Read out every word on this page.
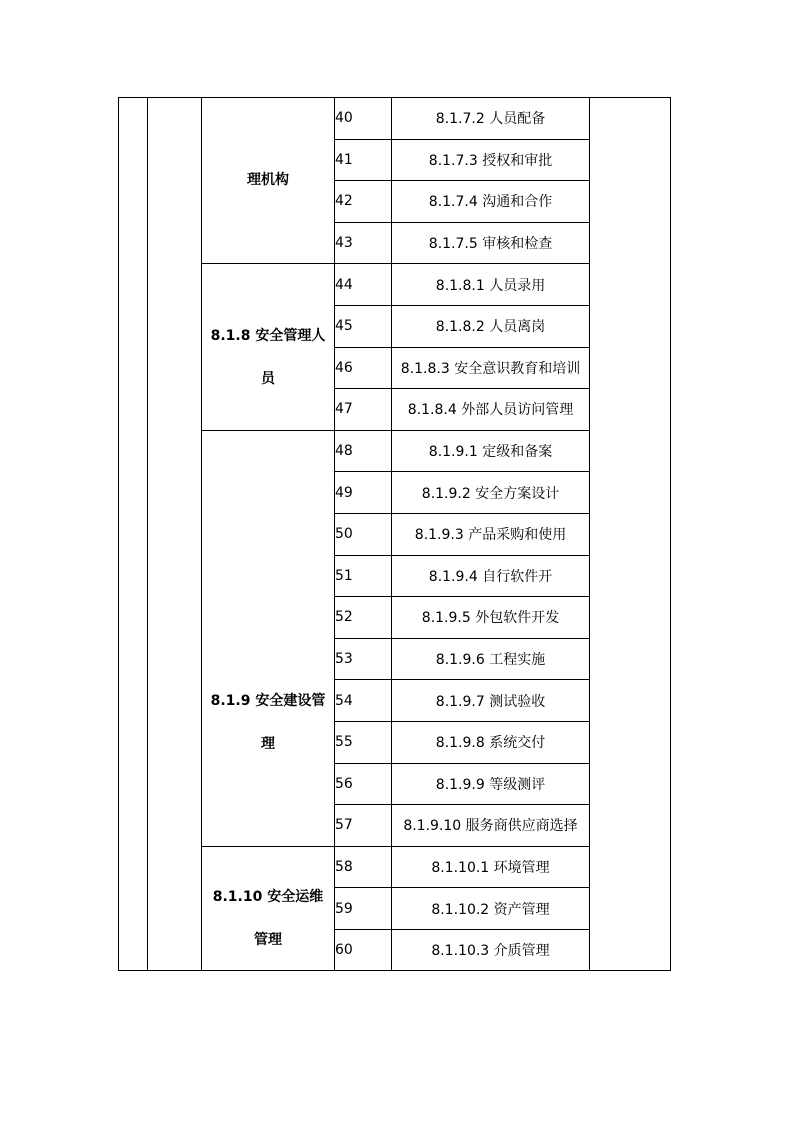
		理机构	40	8.1.7.2 人员配备	
			41	8.1.7.3 授权和审批	
			42	8.1.7.4 沟通和合作	
			43	8.1.7.5 审核和检查	

		8.1.8 安全管理人员	44	8.1.8.1 人员录用	
			45	8.1.8.2 人员离岗	
			46	8.1.8.3 安全意识教育和培训	
			47	8.1.8.4 外部人员访问管理	

		8.1.9 安全建设管理	48	8.1.9.1 定级和备案	
			49	8.1.9.2 安全方案设计	
			50	8.1.9.3 产品采购和使用	
			51	8.1.9.4 自行软件开	
			52	8.1.9.5 外包软件开发	
			53	8.1.9.6 工程实施	
			54	8.1.9.7 测试验收	
			55	8.1.9.8 系统交付	
			56	8.1.9.9 等级测评	
			57	8.1.9.10 服务商供应商选择	

		8.1.10 安全运维管理	58	8.1.10.1 环境管理	
			59	8.1.10.2 资产管理	
			60	8.1.10.3 介质管理	
